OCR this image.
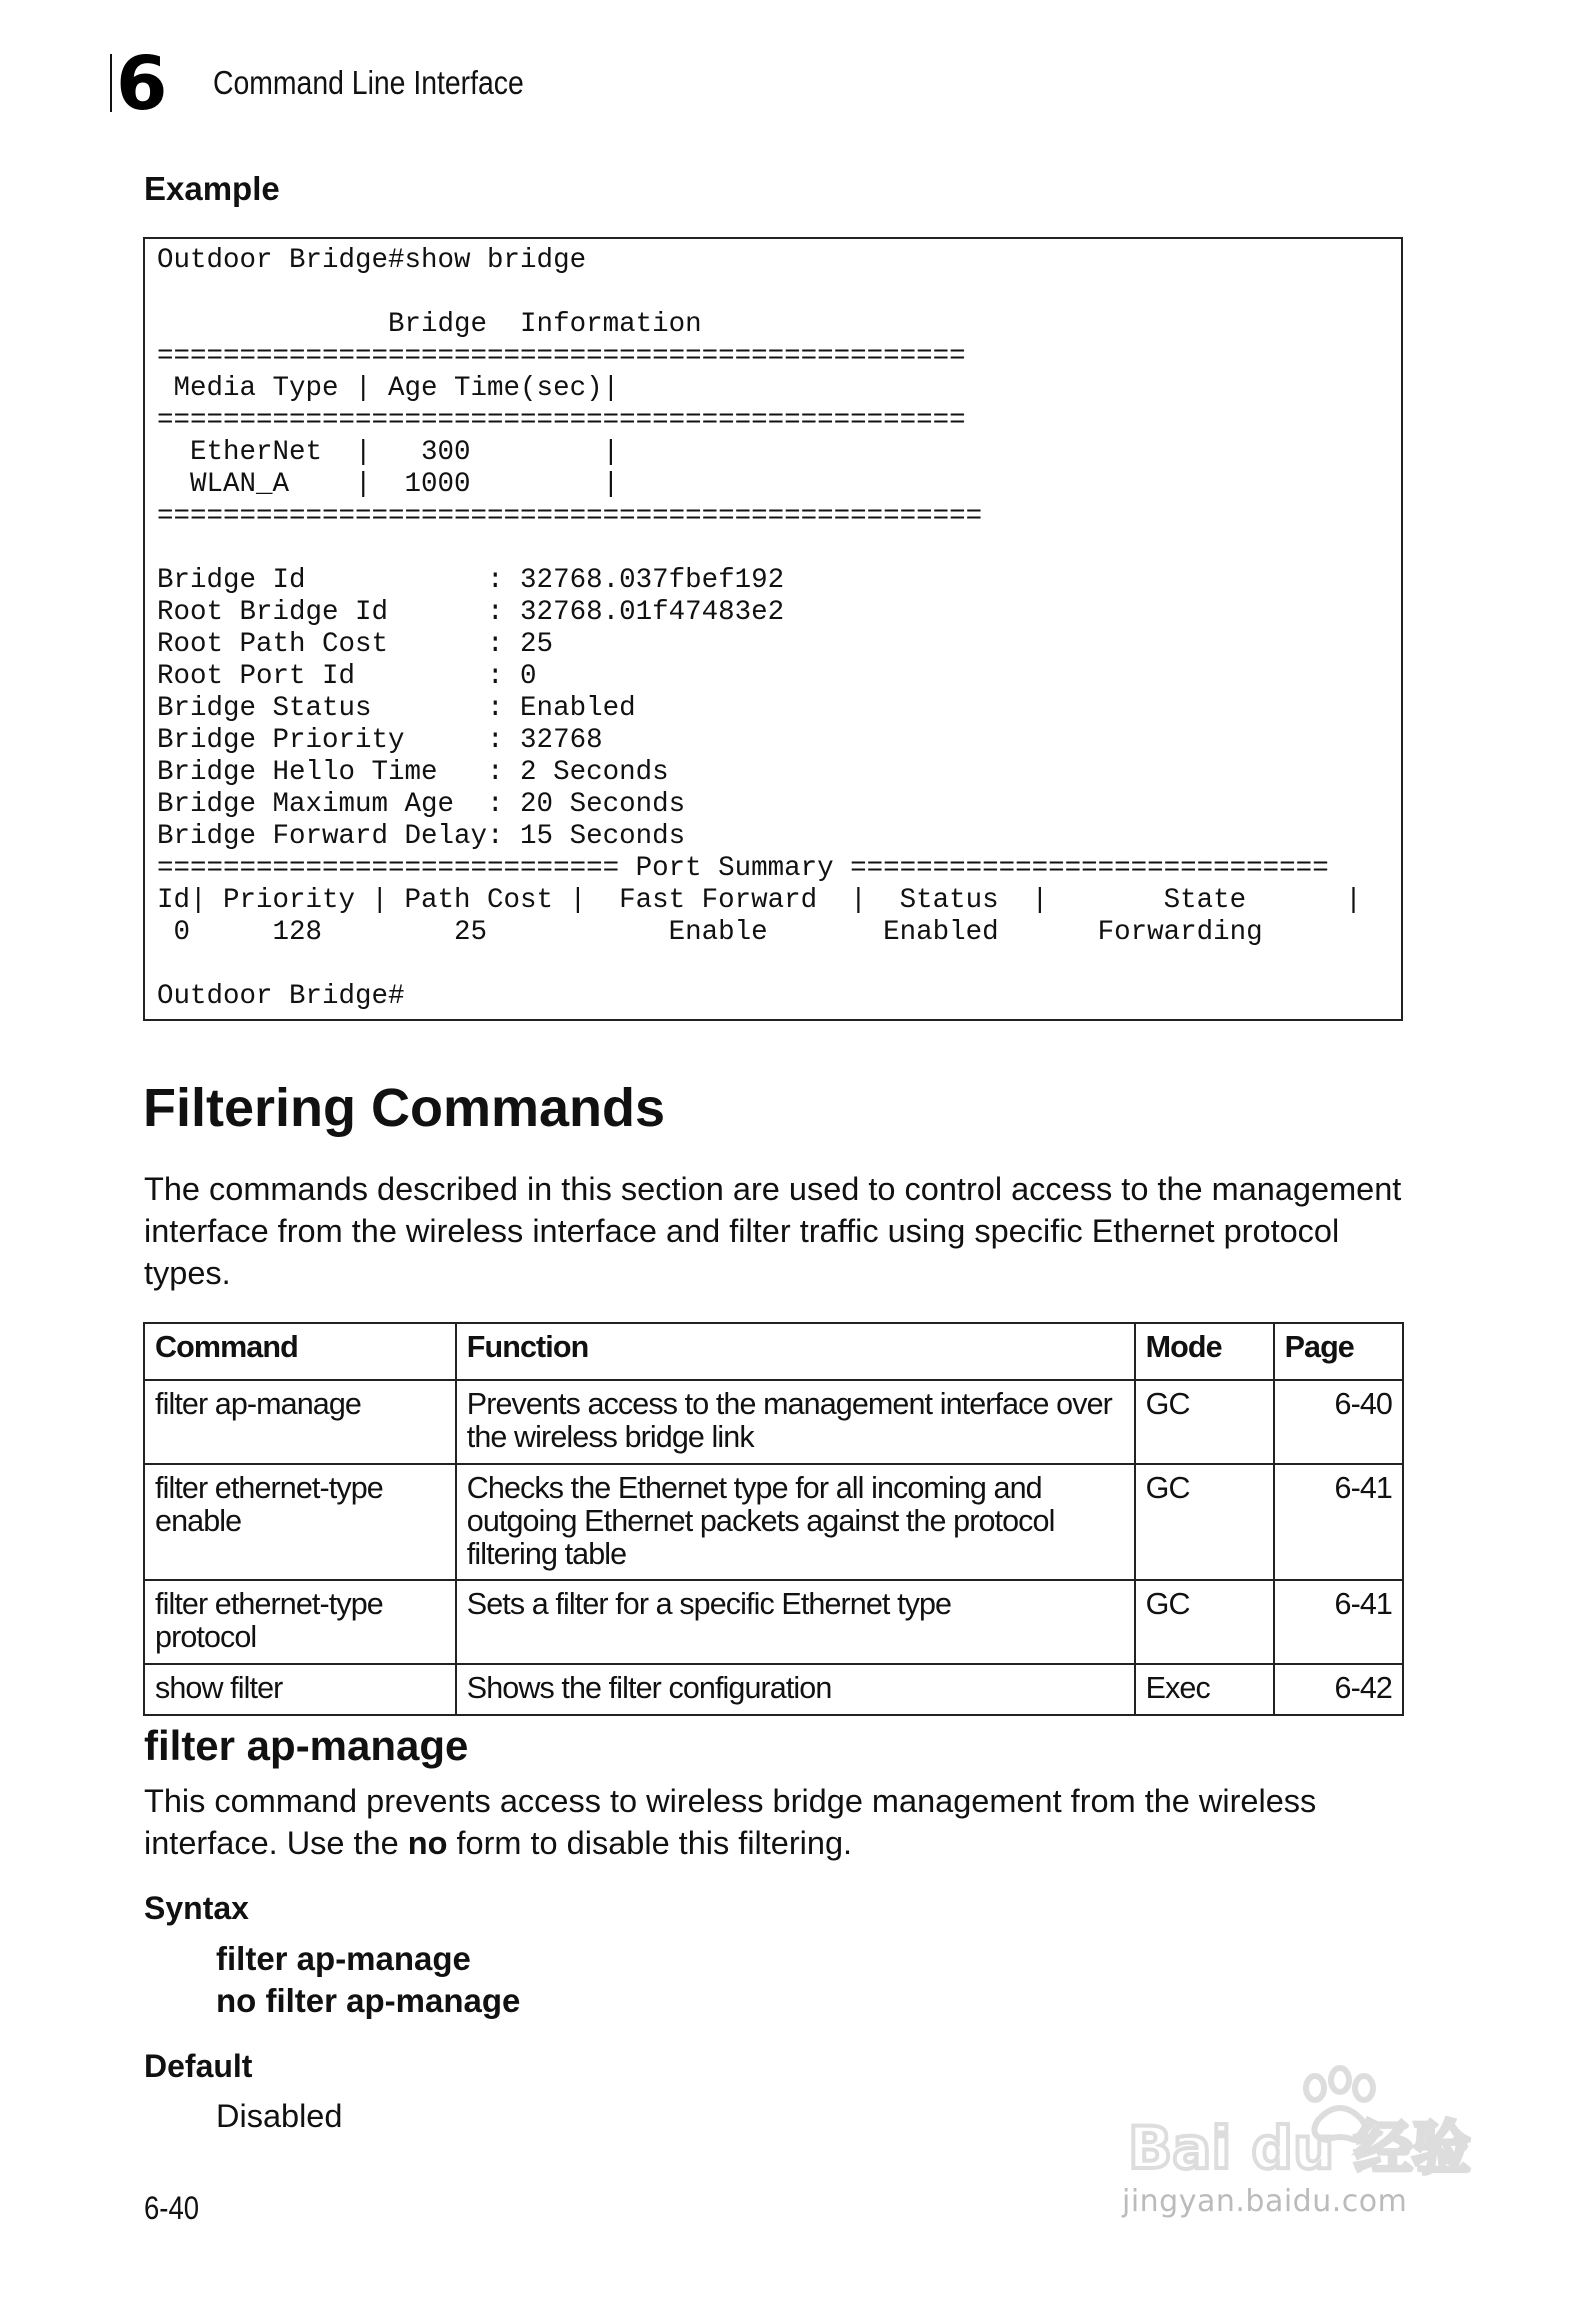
6 Command Line Interface
Example
Outdoor Bridge#show bridge

Bridge  Information
=================================================
Media Type | Age Time(sec)|
=================================================
EtherNet  |   300        |
WLAN_A    |  1000        |
==================================================

Bridge Id           : 32768.037fbef192
Root Bridge Id      : 32768.01f47483e2
Root Path Cost      : 25
Root Port Id        : 0
Bridge Status       : Enabled
Bridge Priority     : 32768
Bridge Hello Time   : 2 Seconds
Bridge Maximum Age  : 20 Seconds
Bridge Forward Delay: 15 Seconds
============================ Port Summary =============================
Id| Priority | Path Cost |  Fast Forward  |  Status  |       State      |
0     128        25           Enable       Enabled      Forwarding

Outdoor Bridge#
Filtering Commands
The commands described in this section are used to control access to the management interface from the wireless interface and filter traffic using specific Ethernet protocol types.
Command	Function	Mode	Page
filter ap-manage	Prevents access to the management interface over the wireless bridge link	GC	6-40
filter ethernet-type enable	Checks the Ethernet type for all incoming and outgoing Ethernet packets against the protocol filtering table	GC	6-41
filter ethernet-type protocol	Sets a filter for a specific Ethernet type	GC	6-41
show filter	Shows the filter configuration	Exec	6-42
filter ap-manage
This command prevents access to wireless bridge management from the wireless interface. Use the no form to disable this filtering.
Syntax
filter ap-manage
no filter ap-manage
Default
Disabled
6-40
Bai du 经验
jingyan.baidu.com
